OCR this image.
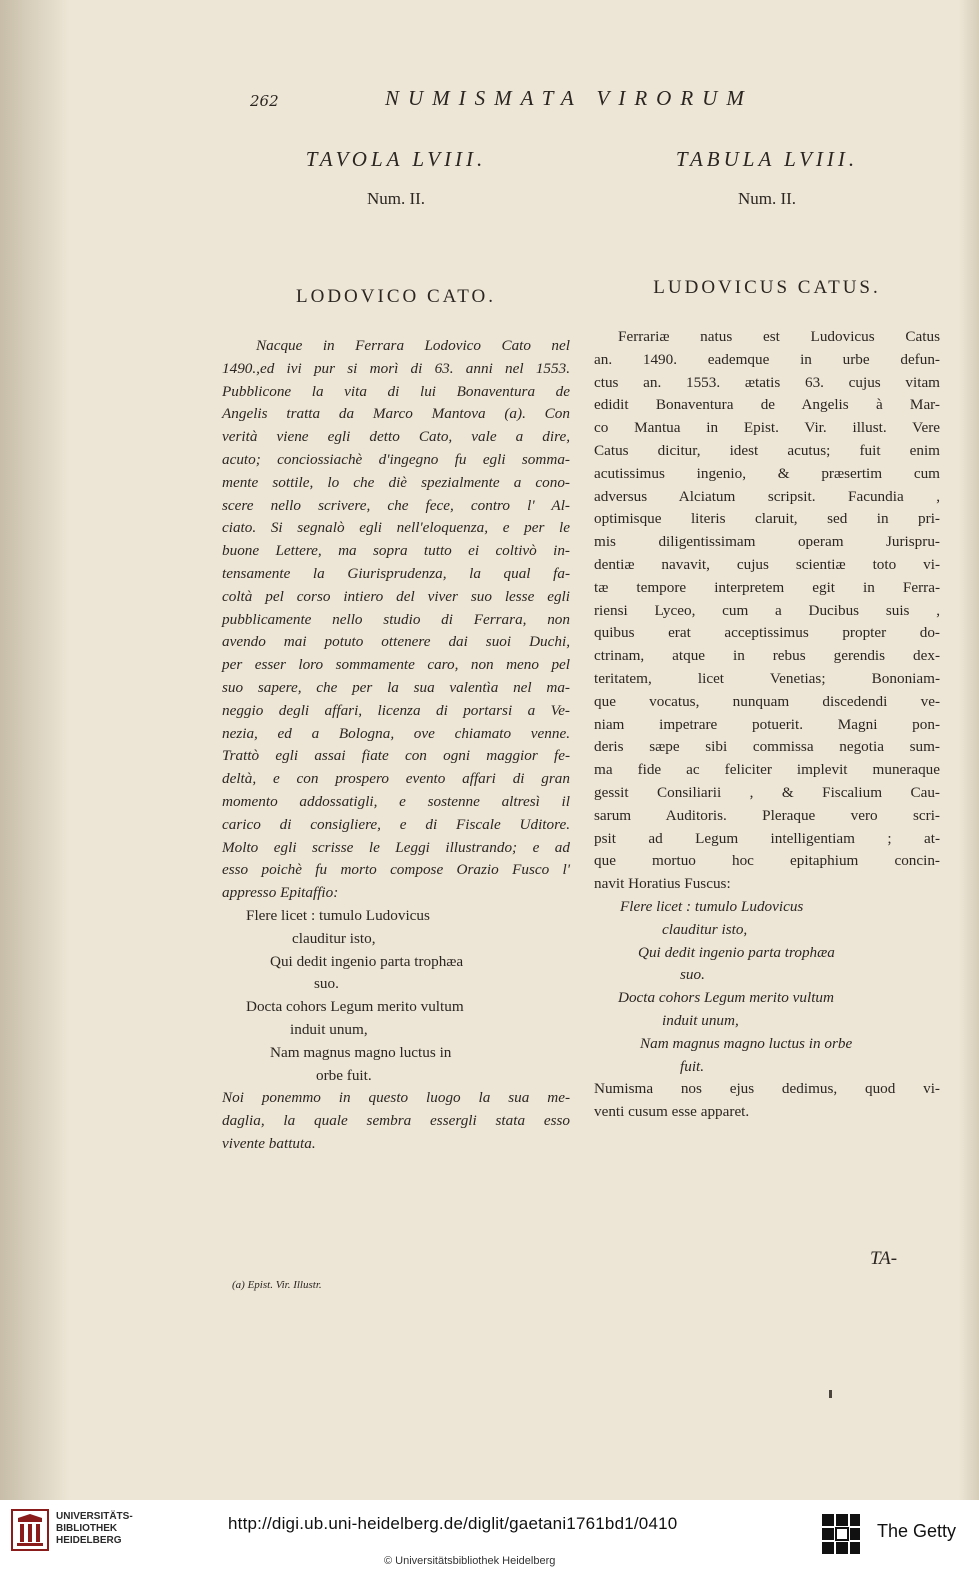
262	NUMISMATA VIRORUM
TAVOLA LVIII.
Num. II.
LODOVICO CATO.
Nacque in Ferrara Lodovico Cato nel
1490.,ed ivi pur si morì di 63. anni nel 1553.
Pubblicone la vita di lui Bonaventura de
Angelis tratta da Marco Mantova (a). Con
verità viene egli detto Cato, vale a dire,
acuto; conciossiachè d'ingegno fu egli somma-
mente sottile, lo che diè spezialmente a cono-
scere nello scrivere, che fece, contro l' Al-
ciato. Si segnalò egli nell'eloquenza, e per le
buone Lettere, ma sopra tutto ei coltivò in-
tensamente la Giurisprudenza, la qual fa-
coltà pel corso intiero del viver suo lesse egli
pubblicamente nello studio di Ferrara, non
avendo mai potuto ottenere dai suoi Duchi,
per esser loro sommamente caro, non meno pel
suo sapere, che per la sua valentìa nel ma-
neggio degli affari, licenza di portarsi a Ve-
nezia, ed a Bologna, ove chiamato venne.
Trattò egli assai fiate con ogni maggior fe-
deltà, e con prospero evento affari di gran
momento addossatigli, e sostenne altresì il
carico di consigliere, e di Fiscale Uditore.
Molto egli scrisse le Leggi illustrando; e ad
esso poichè fu morto compose Orazio Fusco l'
appresso Epitaffio:
Flere licet : tumulo Ludovicus
clauditur isto,
Qui dedit ingenio parta trophæa
suo.
Docta cohors Legum merito vultum
induit unum,
Nam magnus magno luctus in
orbe fuit.
Noi ponemmo in questo luogo la sua me-
daglia, la quale sembra essergli stata esso
vivente battuta.
TABULA LVIII.
Num. II.
LUDOVICUS CATUS.
Ferrariæ natus est Ludovicus Catus
an. 1490. eademque in urbe defun-
ctus an. 1553. ætatis 63. cujus vitam
edidit Bonaventura de Angelis à Mar-
co Mantua in Epist. Vir. illust. Vere
Catus dicitur, idest acutus; fuit enim
acutissimus ingenio, & præsertim cum
adversus Alciatum scripsit. Facundia ,
optimisque literis claruit, sed in pri-
mis diligentissimam operam Jurispru-
dentiæ navavit, cujus scientiæ toto vi-
tæ tempore interpretem egit in Ferra-
riensi Lyceo, cum a Ducibus suis ,
quibus erat acceptissimus propter do-
ctrinam, atque in rebus gerendis dex-
teritatem, licet Venetias; Bononiam-
que vocatus, nunquam discedendi ve-
niam impetrare potuerit. Magni pon-
deris sæpe sibi commissa negotia sum-
ma fide ac feliciter implevit muneraque
gessit Consiliarii , & Fiscalium Cau-
sarum Auditoris. Pleraque vero scri-
psit ad Legum intelligentiam ; at-
que mortuo hoc epitaphium concin-
navit Horatius Fuscus:
Flere licet : tumulo Ludovicus
clauditur isto,
Qui dedit ingenio parta trophæa
suo.
Docta cohors Legum merito vultum
induit unum,
Nam magnus magno luctus in orbe
fuit.
Numisma nos ejus dedimus, quod vi-
venti cusum esse apparet.
TA-
(a) Epist. Vir. Illustr.
UNIVERSITÄTS-
BIBLIOTHEK
HEIDELBERG
http://digi.ub.uni-heidelberg.de/diglit/gaetani1761bd1/0410
© Universitätsbibliothek Heidelberg
The Getty
